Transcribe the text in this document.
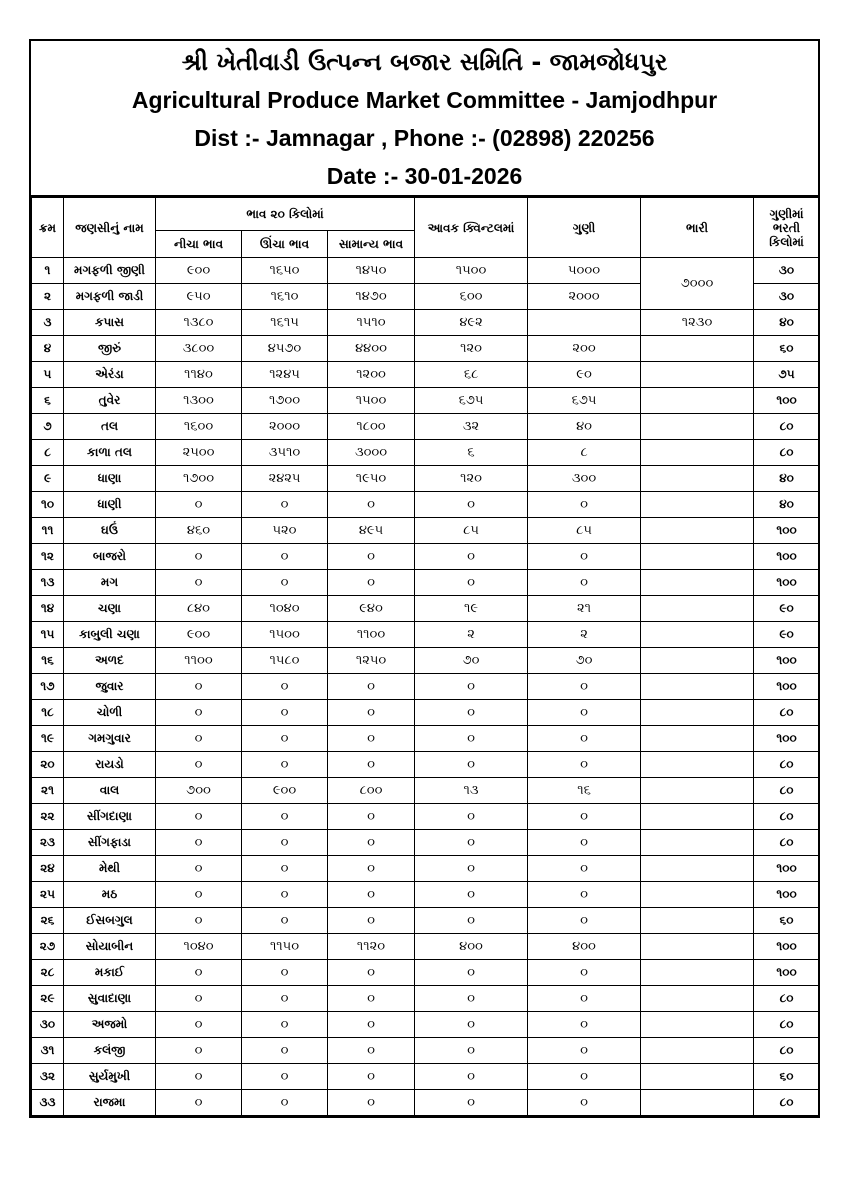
શ્રી ખેતીવાડી ઉત્પન્ન બજાર સમિતિ - જામજોધપુર
Agricultural Produce Market Committee - Jamjodhpur
Dist :- Jamnagar , Phone :- (02898) 220256
Date :- 30-01-2026
ક્રમ	જણસીનું નામ	ભાવ ૨૦ કિલોમાં			આવક ક્વિન્ટલમાં	ગુણી	ભારી	ગુણીમાં
ભરતી
કિલોમાં

		નીચા ભાવ	ઊંચા ભાવ	સામાન્ય ભાવ				
૧	મગફળી જીણી	૯૦૦	૧૬૫૦	૧૪૫૦	૧૫૦૦	૫૦૦૦	૭૦૦૦	૩૦
૨	મગફળી જાડી	૯૫૦	૧૬૧૦	૧૪૭૦	૬૦૦	૨૦૦૦		૩૦
૩	કપાસ	૧૩૮૦	૧૬૧૫	૧૫૧૦	૪૯૨		૧૨૩૦	૪૦
૪	જીરું	૩૮૦૦	૪૫૭૦	૪૪૦૦	૧૨૦	૨૦૦		૬૦
૫	એરંડા	૧૧૪૦	૧૨૪૫	૧૨૦૦	૬૮	૯૦		૭૫
૬	તુવેર	૧૩૦૦	૧૭૦૦	૧૫૦૦	૬૭૫	૬૭૫		૧૦૦
૭	તલ	૧૬૦૦	૨૦૦૦	૧૮૦૦	૩૨	૪૦		૮૦
૮	કાળા તલ	૨૫૦૦	૩૫૧૦	૩૦૦૦	૬	૮		૮૦
૯	ધાણા	૧૭૦૦	૨૪૨૫	૧૯૫૦	૧૨૦	૩૦૦		૪૦
૧૦	ધાણી	૦	૦	૦	૦	૦		૪૦
૧૧	ઘઉં	૪૬૦	૫૨૦	૪૯૫	૮૫	૮૫		૧૦૦
૧૨	બાજરો	૦	૦	૦	૦	૦		૧૦૦
૧૩	મગ	૦	૦	૦	૦	૦		૧૦૦
૧૪	ચણા	૮૪૦	૧૦૪૦	૯૪૦	૧૯	૨૧		૯૦
૧૫	કાબુલી ચણા	૯૦૦	૧૫૦૦	૧૧૦૦	૨	૨		૯૦
૧૬	અળદ	૧૧૦૦	૧૫૮૦	૧૨૫૦	૭૦	૭૦		૧૦૦
૧૭	જુવાર	૦	૦	૦	૦	૦		૧૦૦
૧૮	ચોળી	૦	૦	૦	૦	૦		૮૦
૧૯	ગમગુવાર	૦	૦	૦	૦	૦		૧૦૦
૨૦	રાયડો	૦	૦	૦	૦	૦		૮૦
૨૧	વાલ	૭૦૦	૯૦૦	૮૦૦	૧૩	૧૬		૮૦
૨૨	સીંગદાણા	૦	૦	૦	૦	૦		૮૦
૨૩	સીંગફાડા	૦	૦	૦	૦	૦		૮૦
૨૪	મેથી	૦	૦	૦	૦	૦		૧૦૦
૨૫	મઠ	૦	૦	૦	૦	૦		૧૦૦
૨૬	ઈસબગુલ	૦	૦	૦	૦	૦		૬૦
૨૭	સોયાબીન	૧૦૪૦	૧૧૫૦	૧૧૨૦	૪૦૦	૪૦૦		૧૦૦
૨૮	મકાઈ	૦	૦	૦	૦	૦		૧૦૦
૨૯	સુવાદાણા	૦	૦	૦	૦	૦		૮૦
૩૦	અજમો	૦	૦	૦	૦	૦		૮૦
૩૧	કલંજી	૦	૦	૦	૦	૦		૮૦
૩૨	સુર્યમુખી	૦	૦	૦	૦	૦		૬૦
૩૩	રાજમા	૦	૦	૦	૦	૦		૮૦
